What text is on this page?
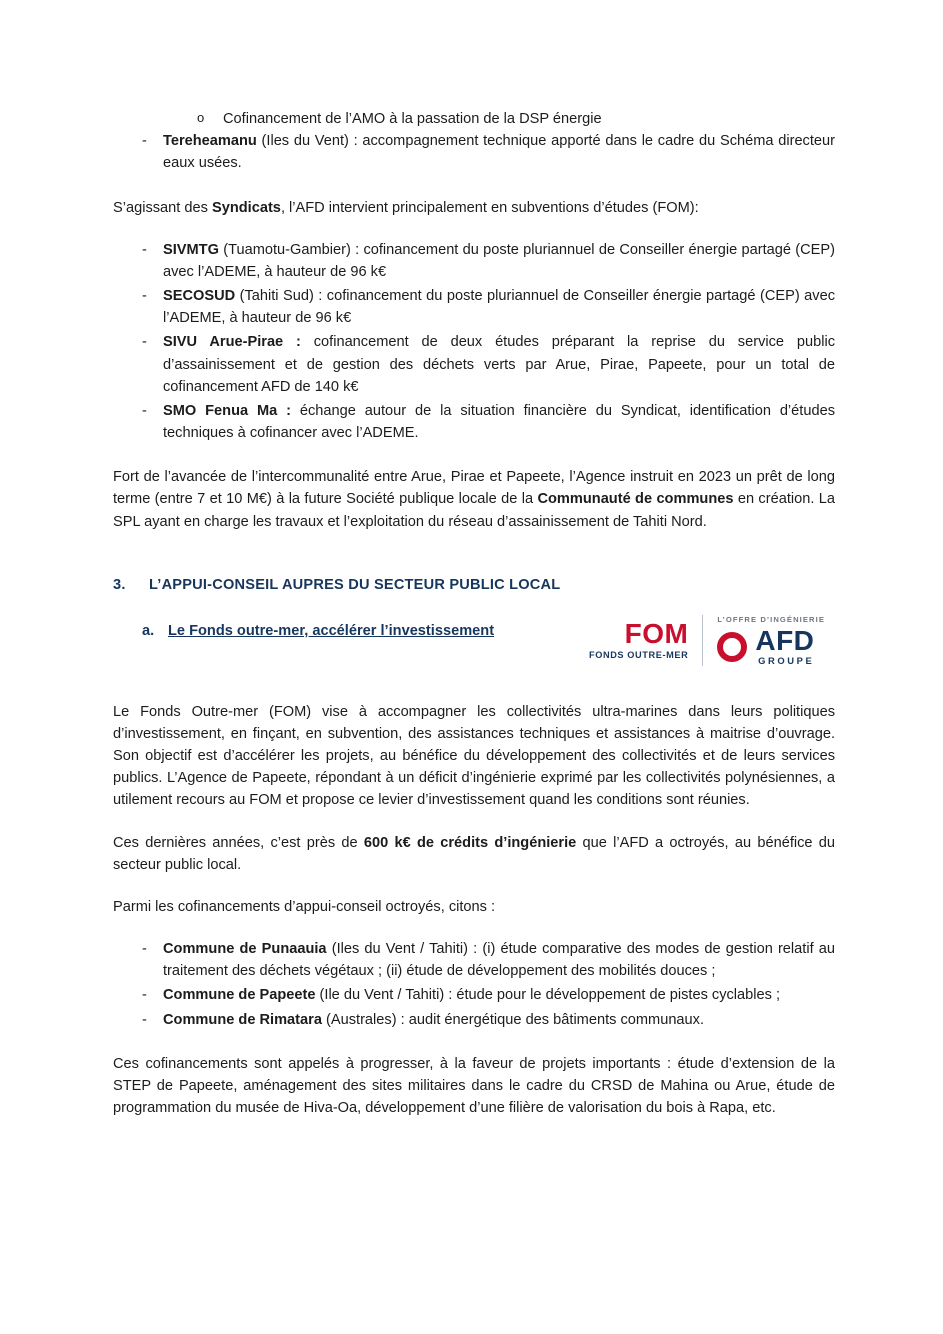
o Cofinancement de l’AMO à la passation de la DSP énergie
- Tereheamanu (Iles du Vent) : accompagnement technique apporté dans le cadre du Schéma directeur eaux usées.

S’agissant des Syndicats, l’AFD intervient principalement en subventions d’études (FOM):

- SIVMTG (Tuamotu-Gambier) : cofinancement du poste pluriannuel de Conseiller énergie partagé (CEP) avec l’ADEME, à hauteur de 96 k€
- SECOSUD (Tahiti Sud) : cofinancement du poste pluriannuel de Conseiller énergie partagé (CEP) avec l’ADEME, à hauteur de 96 k€
- SIVU Arue-Pirae : cofinancement de deux études préparant la reprise du service public d’assainissement et de gestion des déchets verts par Arue, Pirae, Papeete, pour un total de cofinancement AFD de 140 k€
- SMO Fenua Ma : échange autour de la situation financière du Syndicat, identification d’études techniques à cofinancer avec l’ADEME.

Fort de l’avancée de l’intercommunalité entre Arue, Pirae et Papeete, l’Agence instruit en 2023 un prêt de long terme (entre 7 et 10 M€) à la future Société publique locale de la Communauté de communes en création. La SPL ayant en charge les travaux et l’exploitation du réseau d’assainissement de Tahiti Nord.

3. L’APPUI-CONSEIL AUPRES DU SECTEUR PUBLIC LOCAL
a. Le Fonds outre-mer, accélérer l’investissement	FOM
FONDS OUTRE-MER
L’OFFRE D’INGÉNIERIE
AFD
GROUPE

Le Fonds Outre-mer (FOM) vise à accompagner les collectivités ultra-marines dans leurs politiques d’investissement, en finçant, en subvention, des assistances techniques et assistances à maitrise d’ouvrage. Son objectif est d’accélérer les projets, au bénéfice du développement des collectivités et de leurs services publics. L’Agence de Papeete, répondant à un déficit d’ingénierie exprimé par les collectivités polynésiennes, a utilement recours au FOM et propose ce levier d’investissement quand les conditions sont réunies.

Ces dernières années, c’est près de 600 k€ de crédits d’ingénierie que l’AFD a octroyés, au bénéfice du secteur public local.

Parmi les cofinancements d’appui-conseil octroyés, citons :

- Commune de Punaauia (Iles du Vent / Tahiti) : (i) étude comparative des modes de gestion relatif au traitement des déchets végétaux ; (ii) étude de développement des mobilités douces ;
- Commune de Papeete (Ile du Vent / Tahiti) : étude pour le développement de pistes cyclables ;
- Commune de Rimatara (Australes) : audit énergétique des bâtiments communaux.

Ces cofinancements sont appelés à progresser, à la faveur de projets importants : étude d’extension de la STEP de Papeete, aménagement des sites militaires dans le cadre du CRSD de Mahina ou Arue, étude de programmation du musée de Hiva-Oa, développement d’une filière de valorisation du bois à Rapa, etc.
